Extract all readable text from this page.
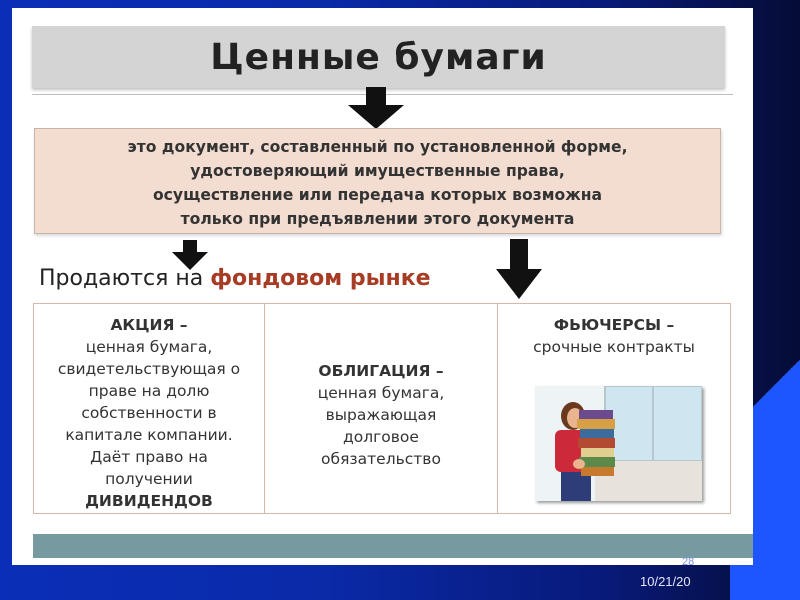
Ценные бумаги
это документ, составленный по установленной форме,
удостоверяющий имущественные права,
осуществление или передача которых возможна
только при предъявлении этого документа
Продаются на фондовом рынке
АКЦИЯ –
ценная бумага,
свидетельствующая о
праве на долю
собственности в
капитале компании.
Даёт право на
получении
ДИВИДЕНДОВ
ОБЛИГАЦИЯ –
ценная бумага,
выражающая
долговое
обязательство
ФЬЮЧЕРСЫ –
срочные контракты
28
10/21/20
